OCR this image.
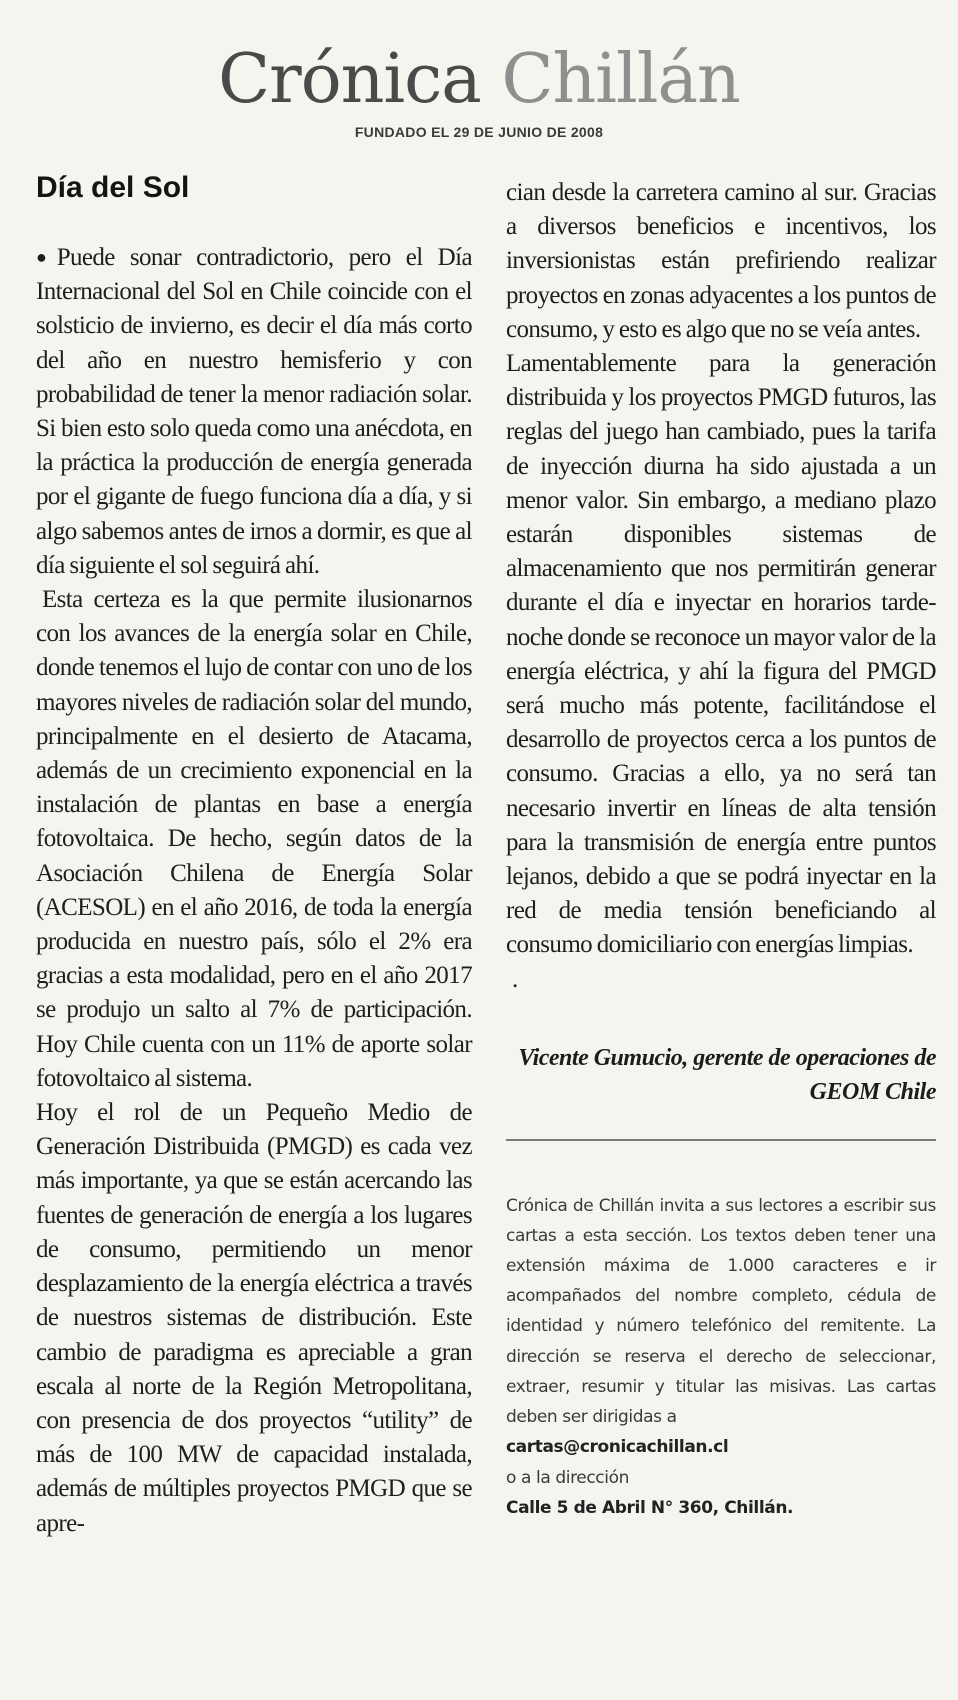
Crónica Chillán
FUNDADO EL 29 DE JUNIO DE 2008
Día del Sol

●Puede sonar contradictorio, pero el Día Internacional del Sol en Chile coincide con el solsticio de invierno, es decir el día más corto del año en nuestro hemisferio y con probabilidad de tener la menor radiación solar. Si bien esto solo queda como una anécdota, en la práctica la producción de energía generada por el gigante de fuego funciona día a día, y si algo sabemos antes de irnos a dormir, es que al día siguiente el sol seguirá ahí.

Esta certeza es la que permite ilusionarnos con los avances de la energía solar en Chile, donde tenemos el lujo de contar con uno de los mayores niveles de radiación solar del mundo, principalmente en el desierto de Atacama, además de un crecimiento exponencial en la instalación de plantas en base a energía fotovoltaica. De hecho, según datos de la Asociación Chilena de Energía Solar (ACESOL) en el año 2016, de toda la energía producida en nuestro país, sólo el 2% era gracias a esta modalidad, pero en el año 2017 se produjo un salto al 7% de participación. Hoy Chile cuenta con un 11% de aporte solar fotovoltaico al sistema.

Hoy el rol de un Pequeño Medio de Generación Distribuida (PMGD) es cada vez más importante, ya que se están acercando las fuentes de generación de energía a los lugares de consumo, permitiendo un menor desplazamiento de la energía eléctrica a través de nuestros sistemas de distribución. Este cambio de paradigma es apreciable a gran escala al norte de la Región Metropolitana, con presencia de dos proyectos “utility” de más de 100 MW de capacidad instalada, además de múltiples proyectos PMGD que se apre-

cian desde la carretera camino al sur. Gracias a diversos beneficios e incentivos, los inversionistas están prefiriendo realizar proyectos en zonas adyacentes a los puntos de consumo, y esto es algo que no se veía antes.

Lamentablemente para la generación distribuida y los proyectos PMGD futuros, las reglas del juego han cambiado, pues la tarifa de inyección diurna ha sido ajustada a un menor valor. Sin embargo, a mediano plazo estarán disponibles sistemas de almacenamiento que nos permitirán generar durante el día e inyectar en horarios tarde-noche donde se reconoce un mayor valor de la energía eléctrica, y ahí la figura del PMGD será mucho más potente, facilitándose el desarrollo de proyectos cerca a los puntos de consumo. Gracias a ello, ya no será tan necesario invertir en líneas de alta tensión para la transmisión de energía entre puntos lejanos, debido a que se podrá inyectar en la red de media tensión beneficiando al consumo domiciliario con energías limpias.

.

Vicente Gumucio, gerente de operaciones de GEOM Chile

Crónica de Chillán invita a sus lectores a escribir sus cartas a esta sección. Los textos deben tener una extensión máxima de 1.000 caracteres e ir acompañados del nombre completo, cédula de identidad y número telefónico del remitente. La dirección se reserva el derecho de seleccionar, extraer, resumir y titular las misivas. Las cartas deben ser dirigidas a

cartas@cronicachillan.cl
o a la dirección
Calle 5 de Abril N° 360, Chillán.
